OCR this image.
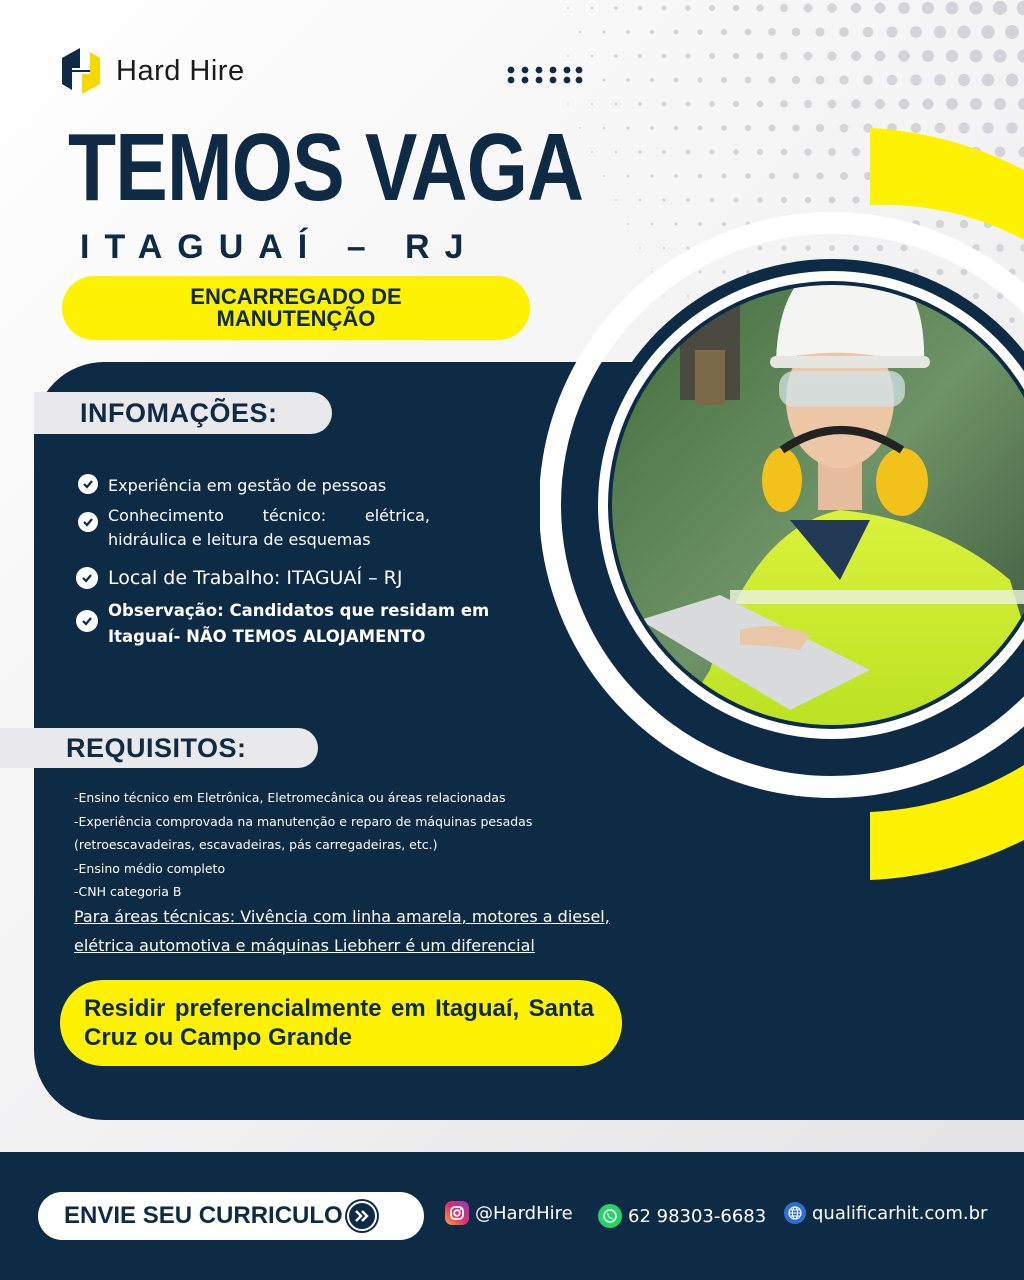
Hard Hire
TEMOS VAGA
ITAGUAÍ – RJ
ENCARREGADO DE MANUTENÇÃO
INFOMAÇÕES:
Experiência em gestão de pessoas
Conhecimento técnico: elétrica, hidráulica e leitura de esquemas
Local de Trabalho: ITAGUAÍ – RJ
Observação: Candidatos que residam em Itaguaí- NÃO TEMOS ALOJAMENTO
REQUISITOS:
-Ensino técnico em Eletrônica, Eletromecânica ou áreas relacionadas
-Experiência comprovada na manutenção e reparo de máquinas pesadas
(retroescavadeiras, escavadeiras, pás carregadeiras, etc.)
-Ensino médio completo
-CNH categoria B
Para áreas técnicas: Vivência com linha amarela, motores a diesel,
elétrica automotiva e máquinas Liebherr é um diferencial
Residir preferencialmente em Itaguaí, Santa Cruz ou Campo Grande
ENVIE SEU CURRICULO	@HardHire	62 98303-6683	qualificarhit.com.br
